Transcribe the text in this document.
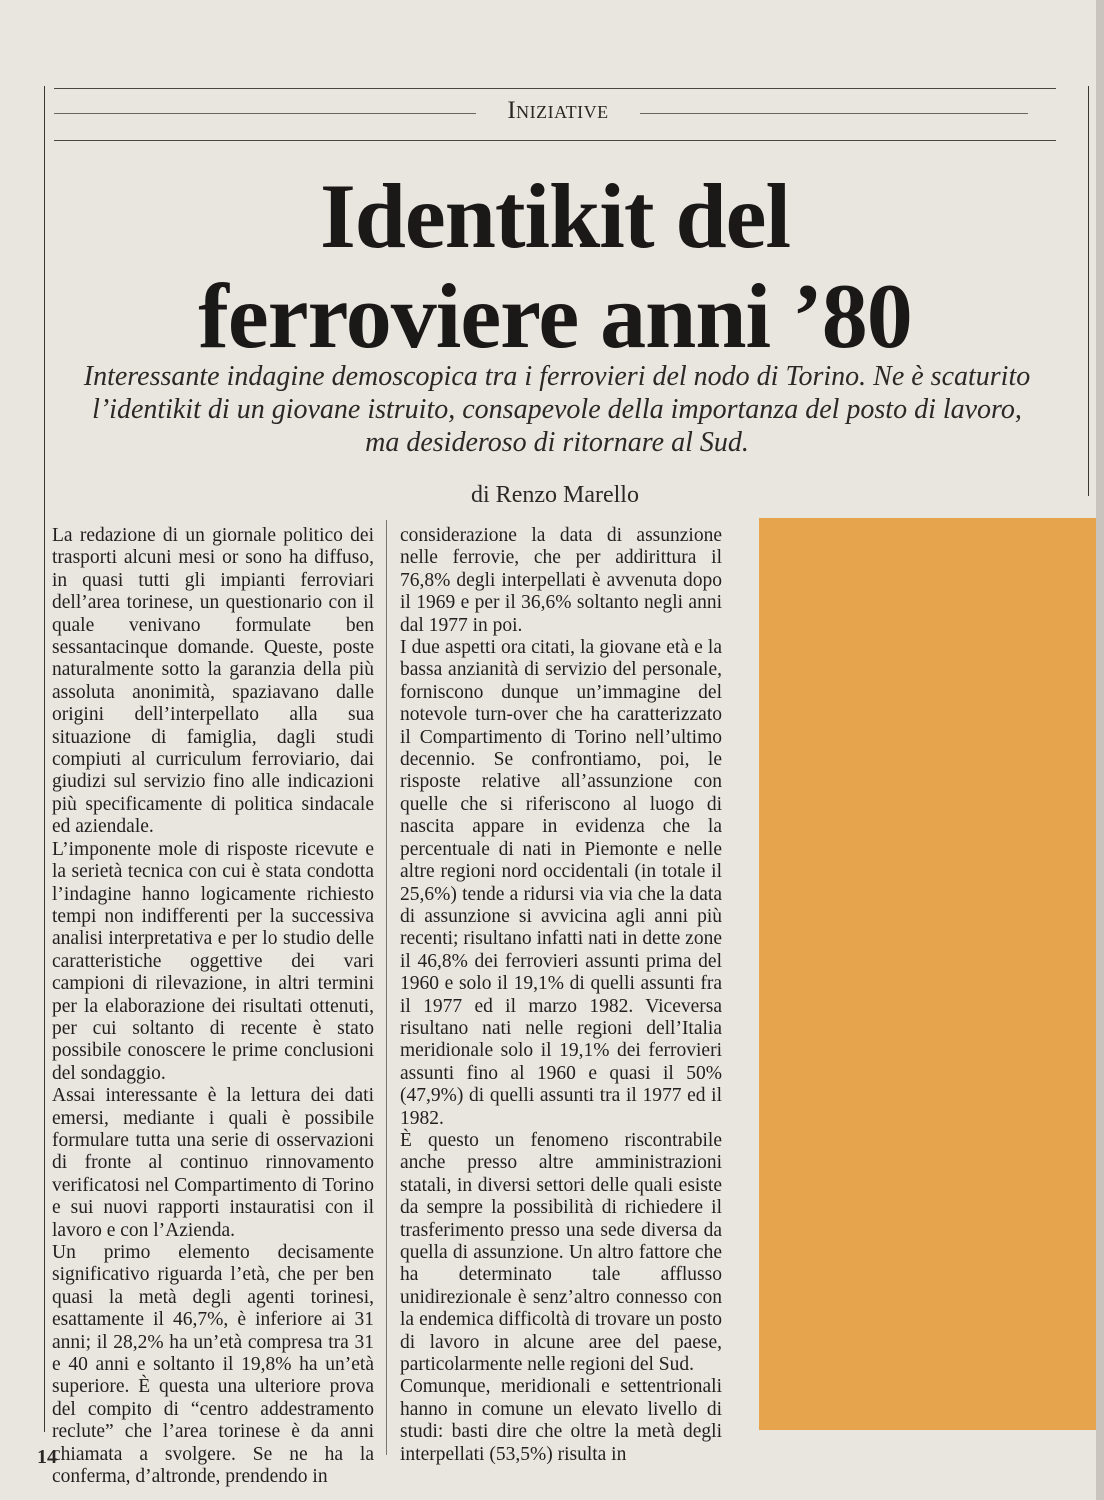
Iniziative
Identikit del
ferroviere anni ’80

Interessante indagine demoscopica tra i ferrovieri del nodo di Torino. Ne è scaturito l’identikit di un giovane istruito, consapevole della importanza del posto di lavoro, ma desideroso di ritornare al Sud.

di Renzo Marello

La redazione di un giornale politico dei trasporti alcuni mesi or sono ha diffuso, in quasi tutti gli impianti ferroviari dell’area torinese, un questionario con il quale venivano formulate ben sessantacinque domande. Queste, poste naturalmente sotto la garanzia della più assoluta anonimità, spaziavano dalle origini dell’interpellato alla sua situazione di famiglia, dagli studi compiuti al curriculum ferroviario, dai giudizi sul servizio fino alle indicazioni più specificamente di politica sindacale ed aziendale.

L’imponente mole di risposte ricevute e la serietà tecnica con cui è stata condotta l’indagine hanno logicamente richiesto tempi non indifferenti per la successiva analisi interpretativa e per lo studio delle caratteristiche oggettive dei vari campioni di rilevazione, in altri termini per la elaborazione dei risultati ottenuti, per cui soltanto di recente è stato possibile conoscere le prime conclusioni del sondaggio.

Assai interessante è la lettura dei dati emersi, mediante i quali è possibile formulare tutta una serie di osservazioni di fronte al continuo rinnovamento verificatosi nel Compartimento di Torino e sui nuovi rapporti instauratisi con il lavoro e con l’Azienda.

Un primo elemento decisamente significativo riguarda l’età, che per ben quasi la metà degli agenti torinesi, esattamente il 46,7%, è inferiore ai 31 anni; il 28,2% ha un’età compresa tra 31 e 40 anni e soltanto il 19,8% ha un’età superiore. È questa una ulteriore prova del compito di “centro addestramento reclute” che l’area torinese è da anni chiamata a svolgere. Se ne ha la conferma, d’altronde, prendendo in

considerazione la data di assunzione nelle ferrovie, che per addirittura il 76,8% degli interpellati è avvenuta dopo il 1969 e per il 36,6% soltanto negli anni dal 1977 in poi.

I due aspetti ora citati, la giovane età e la bassa anzianità di servizio del personale, forniscono dunque un’immagine del notevole turn-over che ha caratterizzato il Compartimento di Torino nell’ultimo decennio. Se confrontiamo, poi, le risposte relative all’assunzione con quelle che si riferiscono al luogo di nascita appare in evidenza che la percentuale di nati in Piemonte e nelle altre regioni nord occidentali (in totale il 25,6%) tende a ridursi via via che la data di assunzione si avvicina agli anni più recenti; risultano infatti nati in dette zone il 46,8% dei ferrovieri assunti prima del 1960 e solo il 19,1% di quelli assunti fra il 1977 ed il marzo 1982. Viceversa risultano nati nelle regioni dell’Italia meridionale solo il 19,1% dei ferrovieri assunti fino al 1960 e quasi il 50% (47,9%) di quelli assunti tra il 1977 ed il 1982.

È questo un fenomeno riscontrabile anche presso altre amministrazioni statali, in diversi settori delle quali esiste da sempre la possibilità di richiedere il trasferimento presso una sede diversa da quella di assunzione. Un altro fattore che ha determinato tale afflusso unidirezionale è senz’altro connesso con la endemica difficoltà di trovare un posto di lavoro in alcune aree del paese, particolarmente nelle regioni del Sud.

Comunque, meridionali e settentrionali hanno in comune un elevato livello di studi: basti dire che oltre la metà degli interpellati (53,5%) risulta in

14
